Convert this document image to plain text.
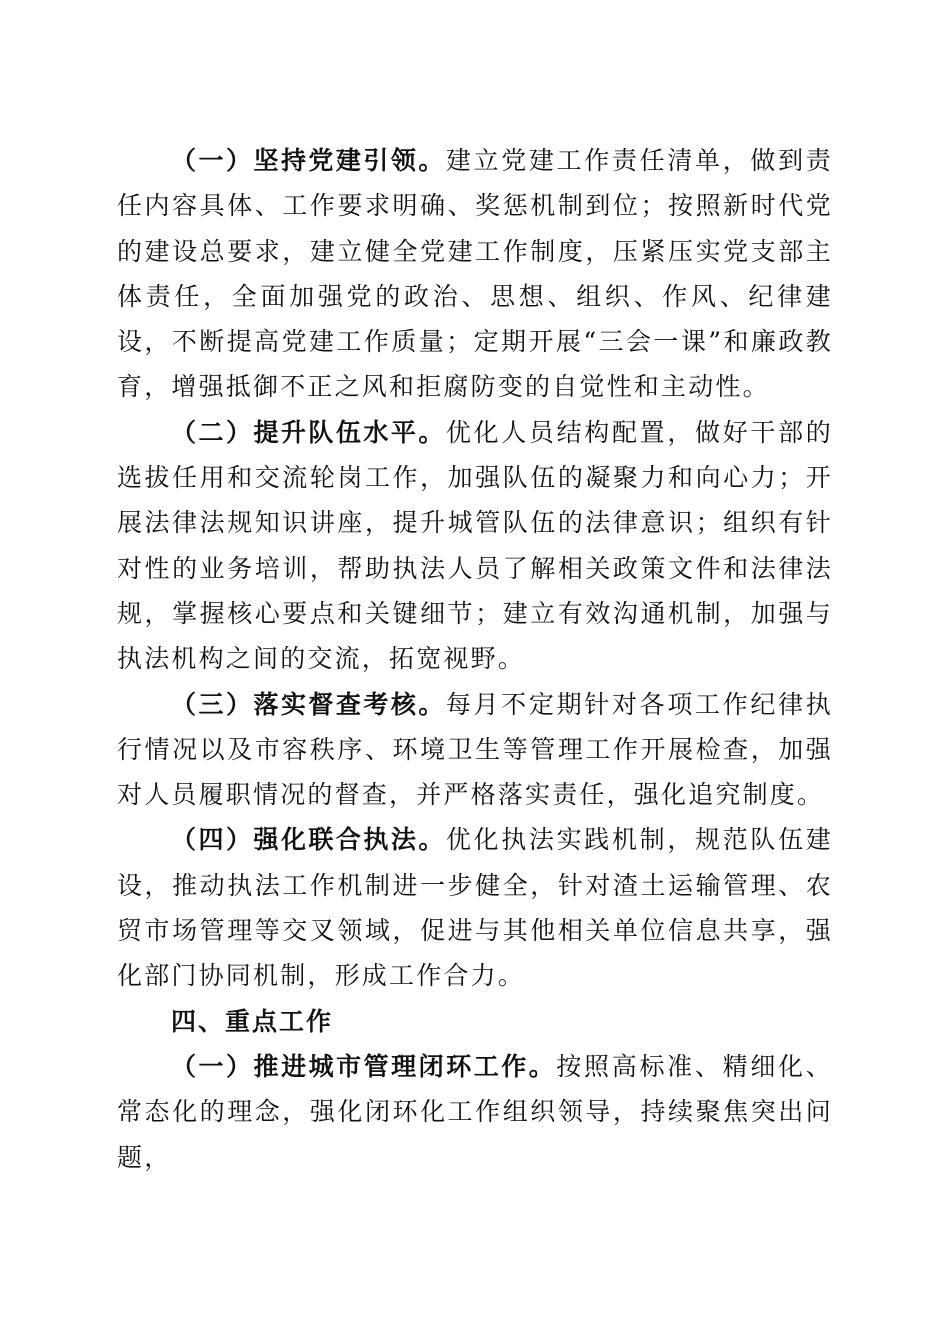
（一）坚持党建引领。建立党建工作责任清单，做到责任内容具体、工作要求明确、奖惩机制到位；按照新时代党的建设总要求，建立健全党建工作制度，压紧压实党支部主体责任，全面加强党的政治、思想、组织、作风、纪律建设，不断提高党建工作质量；定期开展“三会一课”和廉政教育，增强抵御不正之风和拒腐防变的自觉性和主动性。

（二）提升队伍水平。优化人员结构配置，做好干部的选拔任用和交流轮岗工作，加强队伍的凝聚力和向心力；开展法律法规知识讲座，提升城管队伍的法律意识；组织有针对性的业务培训，帮助执法人员了解相关政策文件和法律法规，掌握核心要点和关键细节；建立有效沟通机制，加强与执法机构之间的交流，拓宽视野。

（三）落实督查考核。每月不定期针对各项工作纪律执行情况以及市容秩序、环境卫生等管理工作开展检查，加强对人员履职情况的督查，并严格落实责任，强化追究制度。

（四）强化联合执法。优化执法实践机制，规范队伍建设，推动执法工作机制进一步健全，针对渣土运输管理、农贸市场管理等交叉领域，促进与其他相关单位信息共享，强化部门协同机制，形成工作合力。

四、重点工作

（一）推进城市管理闭环工作。按照高标准、精细化、常态化的理念，强化闭环化工作组织领导，持续聚焦突出问题，
